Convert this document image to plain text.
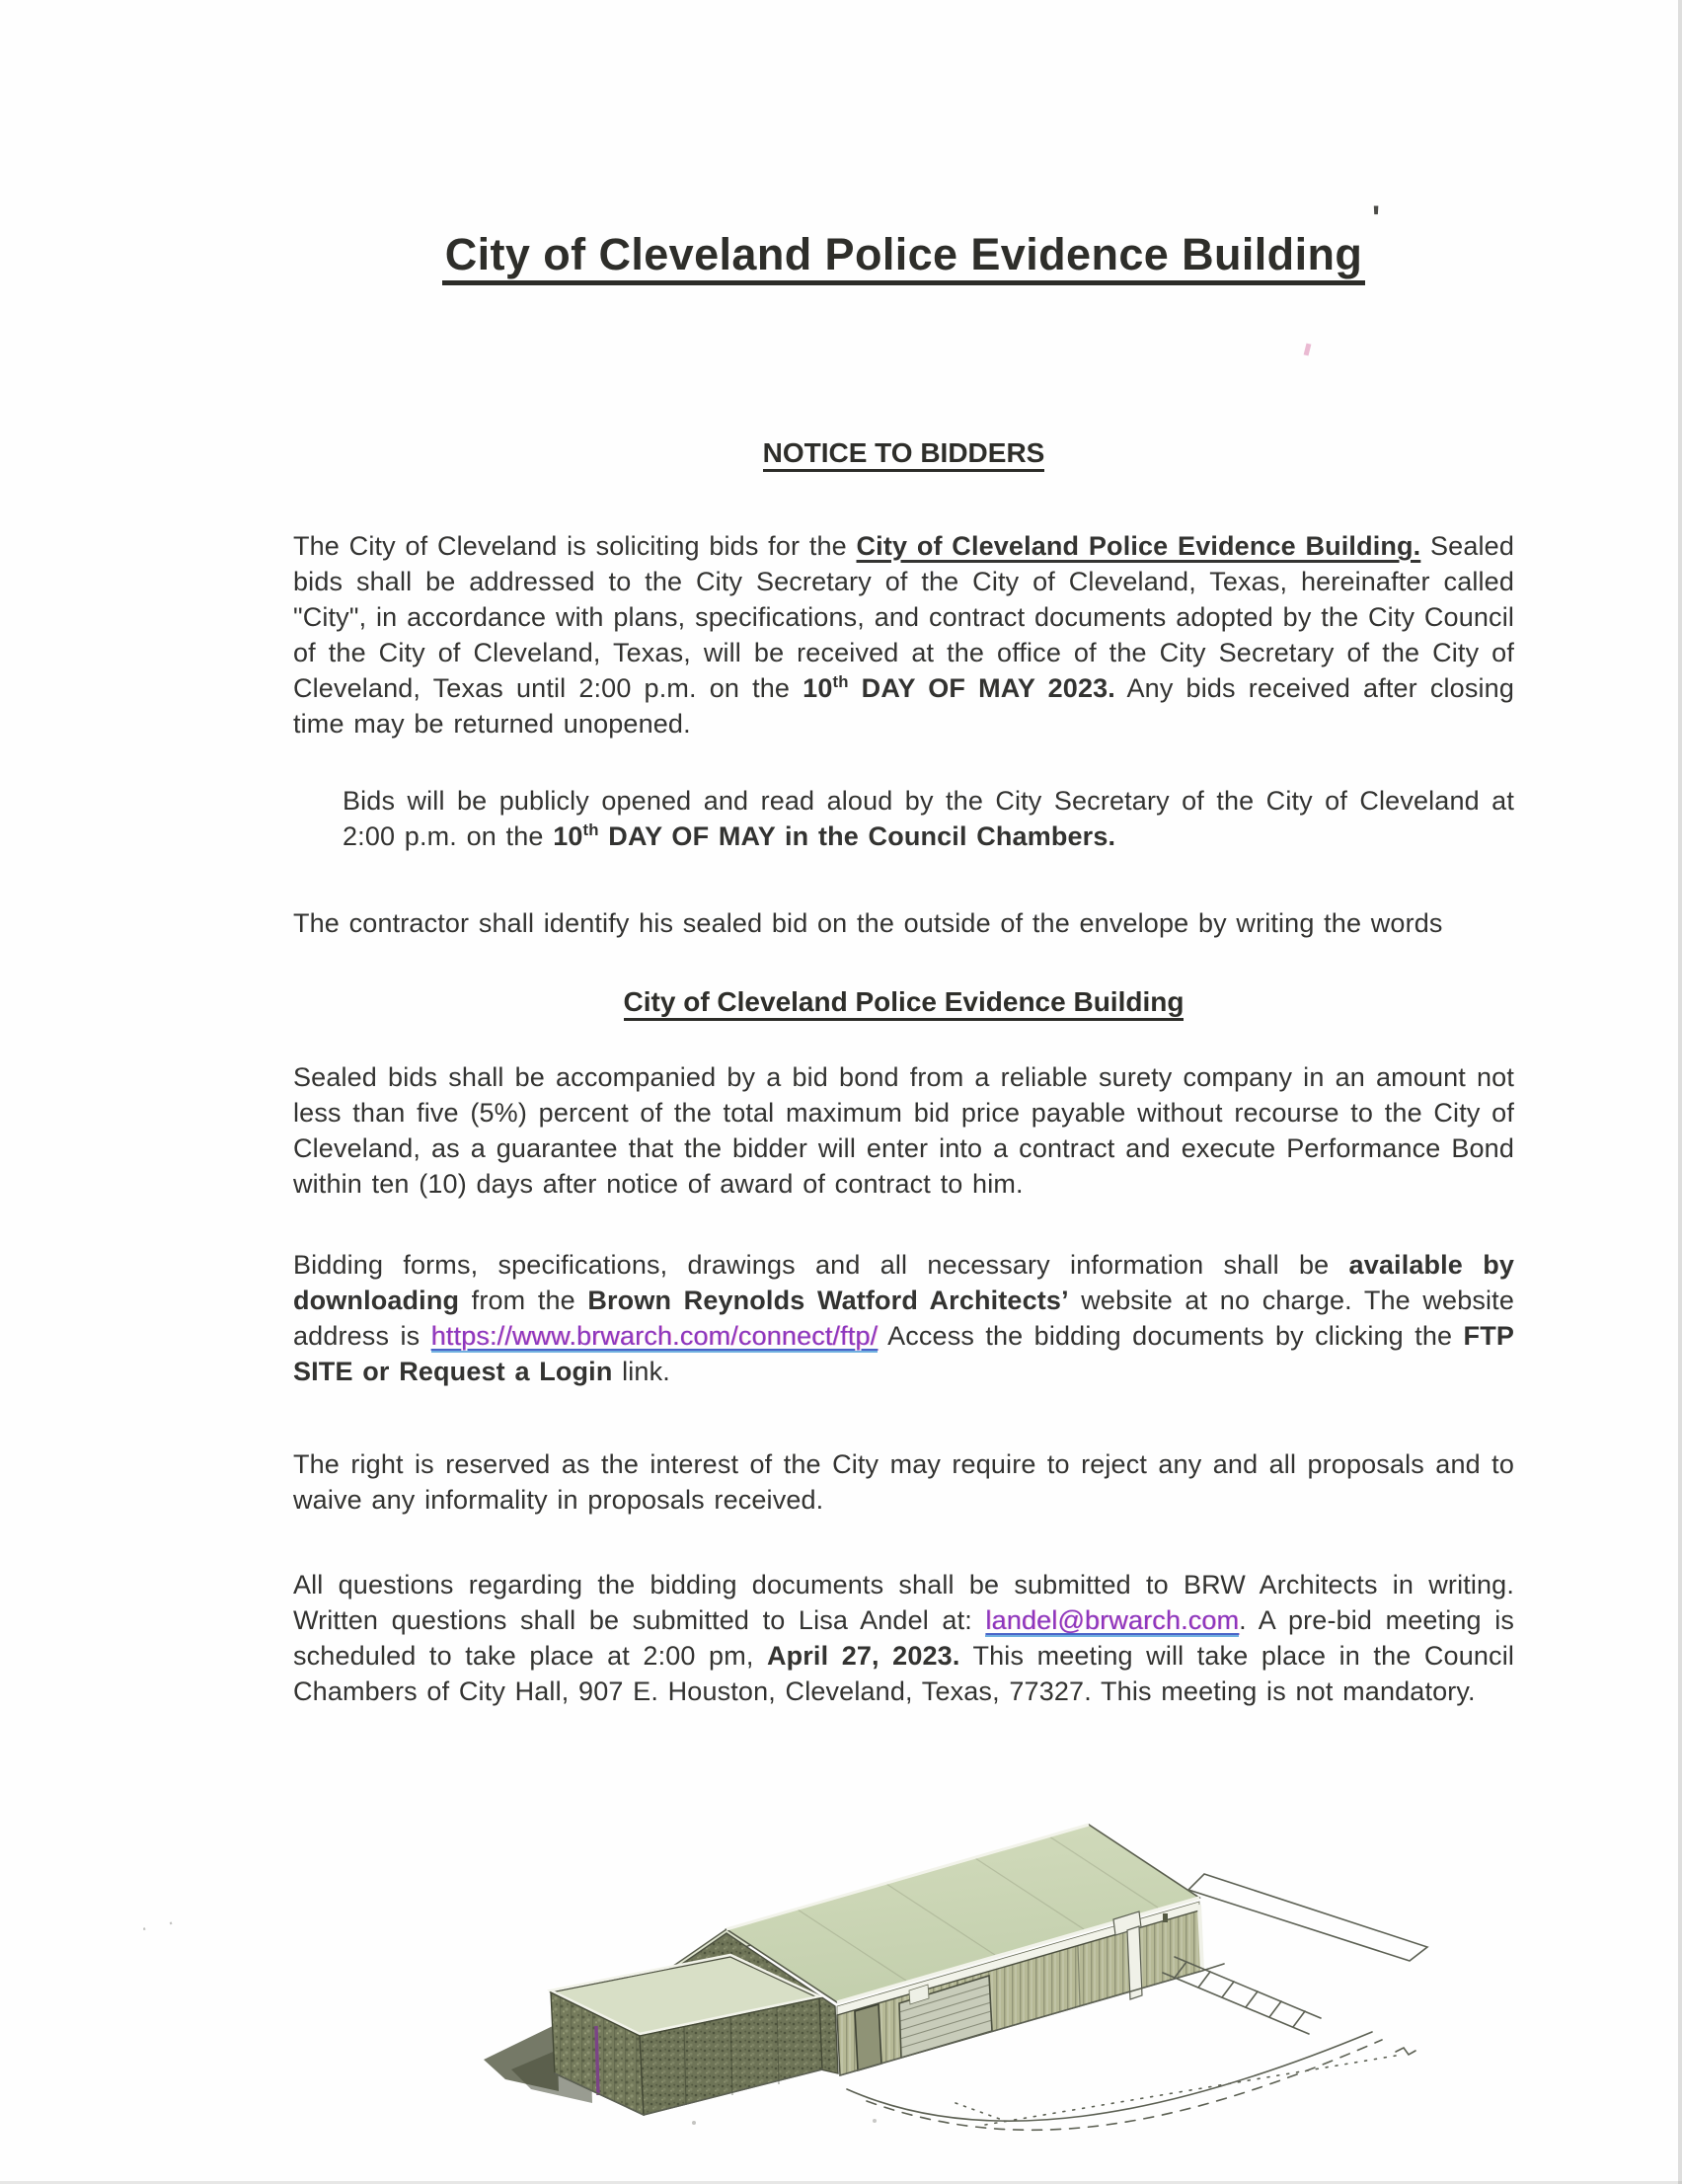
City of Cleveland Police Evidence Building
NOTICE TO BIDDERS

The City of Cleveland is soliciting bids for the City of Cleveland Police Evidence Building. Sealed bids shall be addressed to the City Secretary of the City of Cleveland, Texas, hereinafter called "City", in accordance with plans, specifications, and contract documents adopted by the City Council of the City of Cleveland, Texas, will be received at the office of the City Secretary of the City of Cleveland, Texas until 2:00 p.m. on the 10th DAY OF MAY 2023. Any bids received after closing time may be returned unopened.

Bids will be publicly opened and read aloud by the City Secretary of the City of Cleveland at 2:00 p.m. on the 10th DAY OF MAY in the Council Chambers.

The contractor shall identify his sealed bid on the outside of the envelope by writing the words

City of Cleveland Police Evidence Building

Sealed bids shall be accompanied by a bid bond from a reliable surety company in an amount not less than five (5%) percent of the total maximum bid price payable without recourse to the City of Cleveland, as a guarantee that the bidder will enter into a contract and execute Performance Bond within ten (10) days after notice of award of contract to him.

Bidding forms, specifications, drawings and all necessary information shall be available by downloading from the Brown Reynolds Watford Architects’ website at no charge. The website address is https://www.brwarch.com/connect/ftp/ Access the bidding documents by clicking the FTP SITE or Request a Login link.

The right is reserved as the interest of the City may require to reject any and all proposals and to waive any informality in proposals received.

All questions regarding the bidding documents shall be submitted to BRW Architects in writing. Written questions shall be submitted to Lisa Andel at: landel@brwarch.com. A pre-bid meeting is scheduled to take place at 2:00 pm, April 27, 2023. This meeting will take place in the Council Chambers of City Hall, 907 E. Houston, Cleveland, Texas, 77327. This meeting is not mandatory.

'
· ·
